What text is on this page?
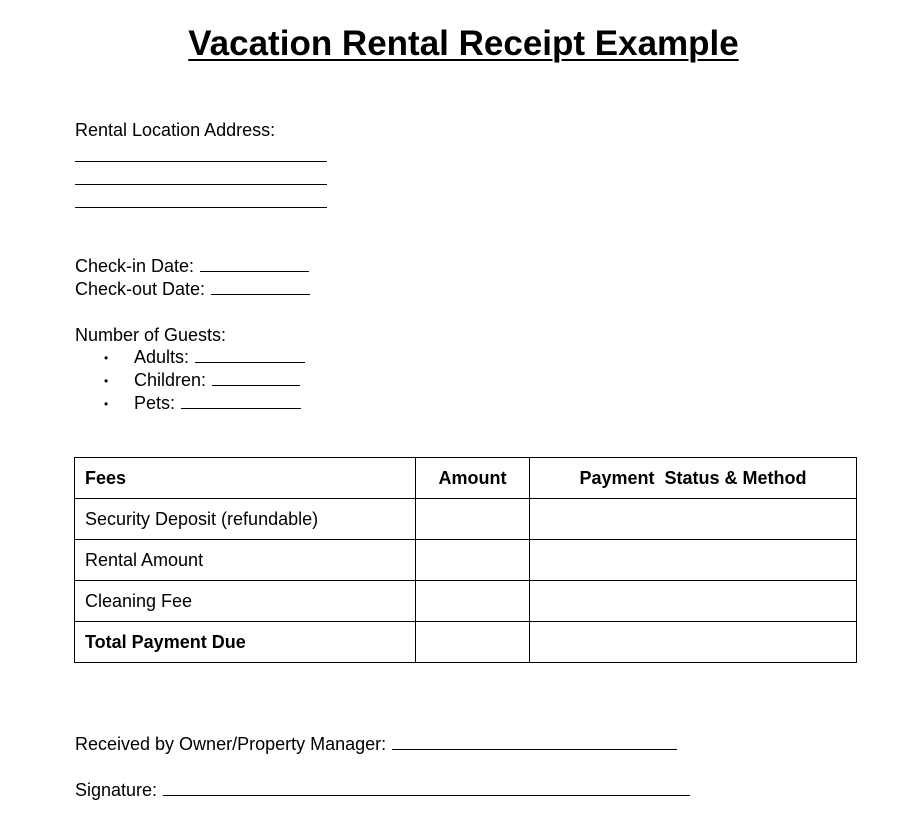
Vacation Rental Receipt Example
Rental Location Address:
Check-in Date:
Check-out Date:
Number of Guests:
• Adults:
• Children:
• Pets:
Fees	Amount	Payment  Status & Method
Security Deposit (refundable)		
Rental Amount		
Cleaning Fee		
Total Payment Due		
Received by Owner/Property Manager:
Signature:
